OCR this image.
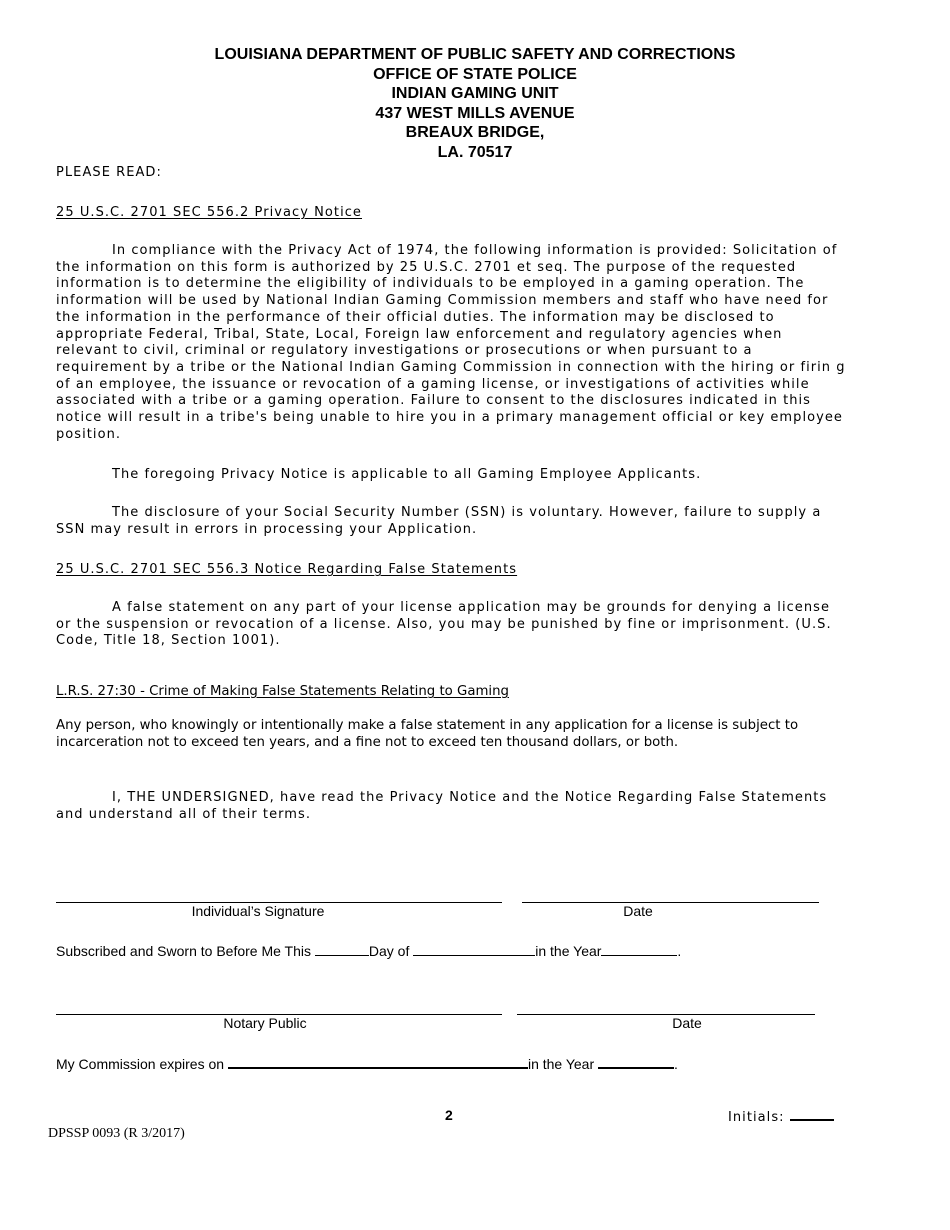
LOUISIANA DEPARTMENT OF PUBLIC SAFETY AND CORRECTIONS
OFFICE OF STATE POLICE
INDIAN GAMING UNIT
437 WEST MILLS AVENUE
BREAUX BRIDGE,
LA. 70517

PLEASE READ:

25 U.S.C. 2701 SEC 556.2 Privacy Notice

In compliance with the Privacy Act of 1974, the following information is provided: Solicitation of the information on this form is authorized by 25 U.S.C. 2701 et seq. The purpose of the requested information is to determine the eligibility of individuals to be employed in a gaming operation. The information will be used by National Indian Gaming Commission members and staff who have need for the information in the performance of their official duties. The information may be disclosed to appropriate Federal, Tribal, State, Local, Foreign law enforcement and regulatory agencies when relevant to civil, criminal or regulatory investigations or prosecutions or when pursuant to a requirement by a tribe or the National Indian Gaming Commission in connection with the hiring or firin g of an employee, the issuance or revocation of a gaming license, or investigations of activities while associated with a tribe or a gaming operation. Failure to consent to the disclosures indicated in this notice will result in a tribe's being unable to hire you in a primary management official or key employee position.

The foregoing Privacy Notice is applicable to all Gaming Employee Applicants.

The disclosure of your Social Security Number (SSN) is voluntary. However, failure to supply a SSN may result in errors in processing your Application.

25 U.S.C. 2701 SEC 556.3 Notice Regarding False Statements

A false statement on any part of your license application may be grounds for denying a license or the suspension or revocation of a license. Also, you may be punished by fine or imprisonment. (U.S. Code, Title 18, Section 1001).

L.R.S. 27:30 - Crime of Making False Statements Relating to Gaming

Any person, who knowingly or intentionally make a false statement in any application for a license is subject to incarceration not to exceed ten years, and a fine not to exceed ten thousand dollars, or both.

I, THE UNDERSIGNED, have read the Privacy Notice and the Notice Regarding False Statements and understand all of their terms.

Individual’s Signature	Date
Subscribed and Sworn to Before Me This	Day of	in the Year	.
Notary Public	Date
My Commission expires on	in the Year	.
2	Initials:
DPSSP 0093 (R 3/2017)
